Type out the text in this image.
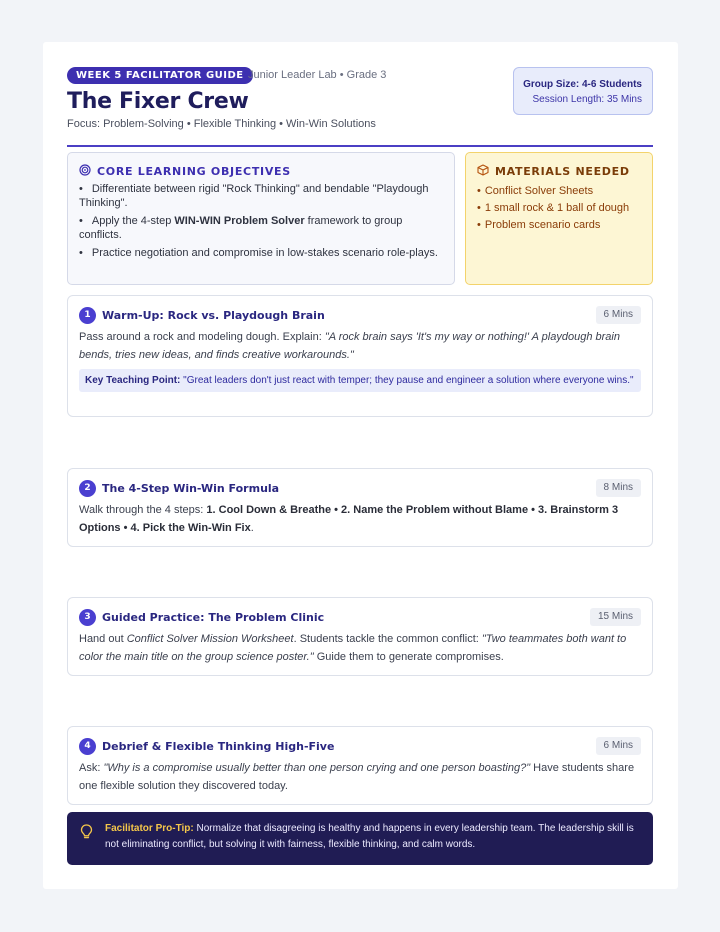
WEEK 5 FACILITATOR GUIDE Junior Leader Lab • Grade 3
The Fixer Crew
Focus: Problem-Solving • Flexible Thinking • Win-Win Solutions
Group Size: 4-6 Students
Session Length: 35 Mins
CORE LEARNING OBJECTIVES
• Differentiate between rigid "Rock Thinking" and bendable "Playdough Thinking".
• Apply the 4-step WIN-WIN Problem Solver framework to group conflicts.
• Practice negotiation and compromise in low-stakes scenario role-plays.
MATERIALS NEEDED
• Conflict Solver Sheets
• 1 small rock & 1 ball of dough
• Problem scenario cards
1	Warm-Up: Rock vs. Playdough Brain	6 Mins
Pass around a rock and modeling dough. Explain: "A rock brain says 'It's my way or nothing!' A playdough brain bends, tries new ideas, and finds creative workarounds."
Key Teaching Point: "Great leaders don't just react with temper; they pause and engineer a solution where everyone wins."
2	The 4-Step Win-Win Formula	8 Mins
Walk through the 4 steps: 1. Cool Down & Breathe • 2. Name the Problem without Blame • 3. Brainstorm 3 Options • 4. Pick the Win-Win Fix.
3	Guided Practice: The Problem Clinic	15 Mins
Hand out Conflict Solver Mission Worksheet. Students tackle the common conflict: "Two teammates both want to color the main title on the group science poster." Guide them to generate compromises.
4	Debrief & Flexible Thinking High-Five	6 Mins
Ask: "Why is a compromise usually better than one person crying and one person boasting?" Have students share one flexible solution they discovered today.
Facilitator Pro-Tip: Normalize that disagreeing is healthy and happens in every leadership team. The leadership skill is not eliminating conflict, but solving it with fairness, flexible thinking, and calm words.
